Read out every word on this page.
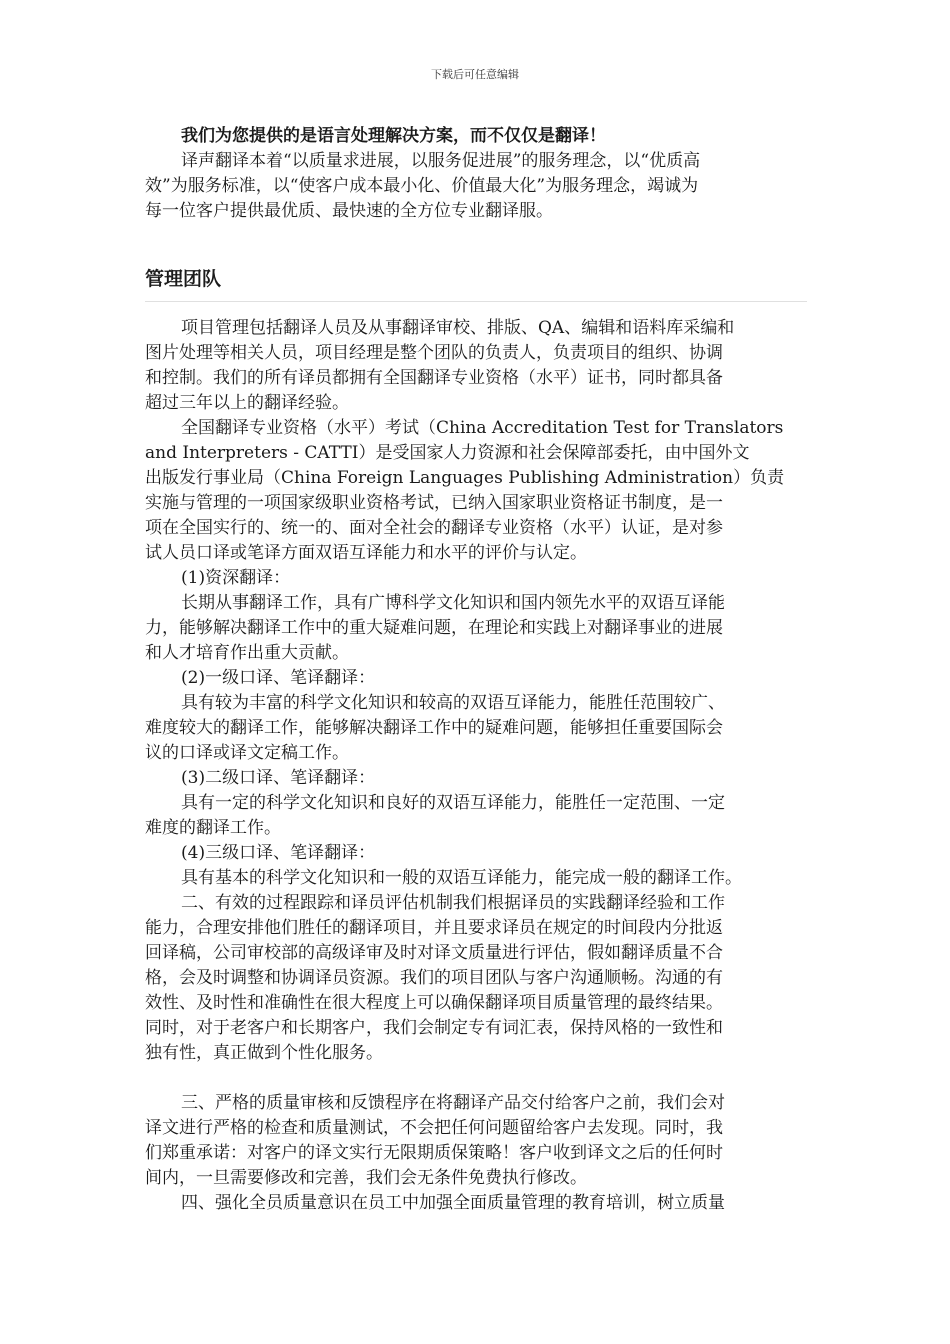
下载后可任意编辑
我们为您提供的是语言处理解决方案，而不仅仅是翻译！
译声翻译本着“以质量求进展，以服务促进展”的服务理念，以“优质高
效”为服务标准，以“使客户成本最小化、价值最大化”为服务理念，竭诚为
每一位客户提供最优质、最快速的全方位专业翻译服。
管理团队
项目管理包括翻译人员及从事翻译审校、排版、QA、编辑和语料库采编和
图片处理等相关人员，项目经理是整个团队的负责人，负责项目的组织、协调
和控制。我们的所有译员都拥有全国翻译专业资格（水平）证书，同时都具备
超过三年以上的翻译经验。
全国翻译专业资格（水平）考试（China Accreditation Test for Translators
and Interpreters - CATTI）是受国家人力资源和社会保障部委托，由中国外文
出版发行事业局（China Foreign Languages Publishing Administration）负责
实施与管理的一项国家级职业资格考试，已纳入国家职业资格证书制度，是一
项在全国实行的、统一的、面对全社会的翻译专业资格（水平）认证，是对参
试人员口译或笔译方面双语互译能力和水平的评价与认定。
(1)资深翻译：
长期从事翻译工作，具有广博科学文化知识和国内领先水平的双语互译能
力，能够解决翻译工作中的重大疑难问题，在理论和实践上对翻译事业的进展
和人才培育作出重大贡献。
(2)一级口译、笔译翻译：
具有较为丰富的科学文化知识和较高的双语互译能力，能胜任范围较广、
难度较大的翻译工作，能够解决翻译工作中的疑难问题，能够担任重要国际会
议的口译或译文定稿工作。
(3)二级口译、笔译翻译：
具有一定的科学文化知识和良好的双语互译能力，能胜任一定范围、一定
难度的翻译工作。
(4)三级口译、笔译翻译：
具有基本的科学文化知识和一般的双语互译能力，能完成一般的翻译工作。
二、有效的过程跟踪和译员评估机制我们根据译员的实践翻译经验和工作
能力，合理安排他们胜任的翻译项目，并且要求译员在规定的时间段内分批返
回译稿，公司审校部的高级译审及时对译文质量进行评估，假如翻译质量不合
格，会及时调整和协调译员资源。我们的项目团队与客户沟通顺畅。沟通的有
效性、及时性和准确性在很大程度上可以确保翻译项目质量管理的最终结果。
同时，对于老客户和长期客户，我们会制定专有词汇表，保持风格的一致性和
独有性，真正做到个性化服务。
三、严格的质量审核和反馈程序在将翻译产品交付给客户之前，我们会对
译文进行严格的检查和质量测试，不会把任何问题留给客户去发现。同时，我
们郑重承诺：对客户的译文实行无限期质保策略！客户收到译文之后的任何时
间内，一旦需要修改和完善，我们会无条件免费执行修改。
四、强化全员质量意识在员工中加强全面质量管理的教育培训，树立质量
